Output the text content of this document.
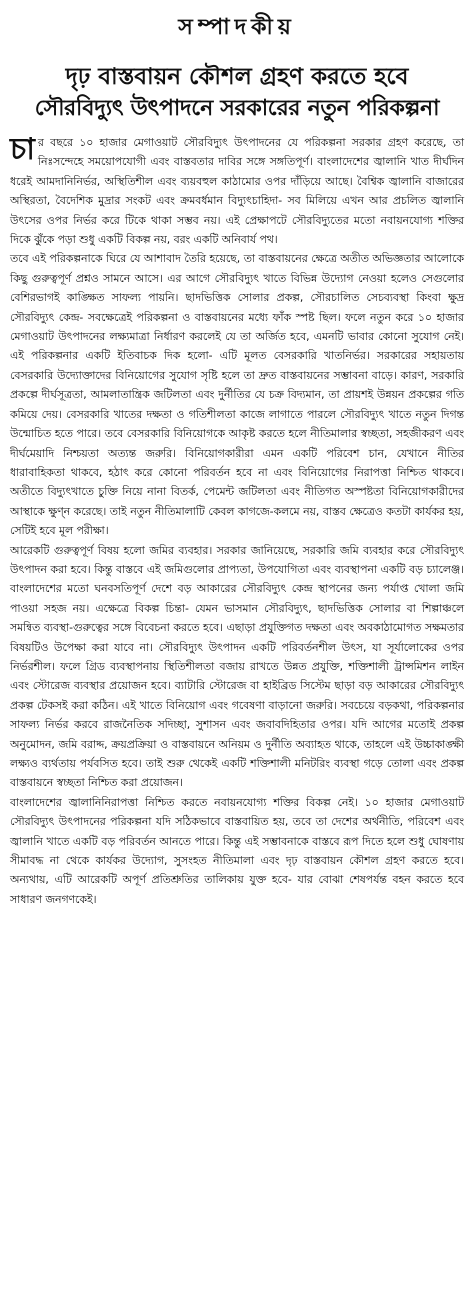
সম্পাদকীয়
দৃঢ় বাস্তবায়ন কৌশল গ্রহণ করতে হবে
সৌরবিদ্যুৎ উৎপাদনে সরকারের নতুন পরিকল্পনা

চার বছরে ১০ হাজার মেগাওয়াট সৌরবিদ্যুৎ উৎপাদনের যে পরিকল্পনা সরকার গ্রহণ করেছে, তা নিঃসন্দেহে সময়োপযোগী এবং বাস্তবতার দাবির সঙ্গে সঙ্গতিপূর্ণ। বাংলাদেশের জ্বালানি খাত দীর্ঘদিন ধরেই আমদানিনির্ভর, অস্থিতিশীল এবং ব্যয়বহুল কাঠামোর ওপর দাঁড়িয়ে আছে। বৈশ্বিক জ্বালানি বাজারের অস্থিরতা, বৈদেশিক মুদ্রার সংকট এবং ক্রমবর্ধমান বিদ্যুৎচাহিদা- সব মিলিয়ে এখন আর প্রচলিত জ্বালানি উৎসের ওপর নির্ভর করে টিকে থাকা সম্ভব নয়। এই প্রেক্ষাপটে সৌরবিদ্যুতের মতো নবায়নযোগ্য শক্তির দিকে ঝুঁকে পড়া শুধু একটি বিকল্প নয়, বরং একটি অনিবার্য পথ।

তবে এই পরিকল্পনাকে ঘিরে যে আশাবাদ তৈরি হয়েছে, তা বাস্তবায়নের ক্ষেত্রে অতীত অভিজ্ঞতার আলোকে কিছু গুরুত্বপূর্ণ প্রশ্নও সামনে আসে। এর আগে সৌরবিদ্যুৎ খাতে বিভিন্ন উদ্যোগ নেওয়া হলেও সেগুলোর বেশিরভাগই কাঙ্ক্ষিত সাফল্য পায়নি। ছাদভিত্তিক সোলার প্রকল্প, সৌরচালিত সেচব্যবস্থা কিংবা ক্ষুদ্র সৌরবিদ্যুৎ কেন্দ্র- সবক্ষেত্রেই পরিকল্পনা ও বাস্তবায়নের মধ্যে ফাঁক স্পষ্ট ছিল। ফলে নতুন করে ১০ হাজার মেগাওয়াট উৎপাদনের লক্ষ্যমাত্রা নির্ধারণ করলেই যে তা অর্জিত হবে, এমনটি ভাবার কোনো সুযোগ নেই। এই পরিকল্পনার একটি ইতিবাচক দিক হলো- এটি মূলত বেসরকারি খাতনির্ভর। সরকারের সহায়তায় বেসরকারি উদ্যোক্তাদের বিনিয়োগের সুযোগ সৃষ্টি হলে তা দ্রুত বাস্তবায়নের সম্ভাবনা বাড়ে। কারণ, সরকারি প্রকল্পে দীর্ঘসূত্রতা, আমলাতান্ত্রিক জটিলতা এবং দুর্নীতির যে চক্র বিদ্যমান, তা প্রায়শই উন্নয়ন প্রকল্পের গতি কমিয়ে দেয়। বেসরকারি খাতের দক্ষতা ও গতিশীলতা কাজে লাগাতে পারলে সৌরবিদ্যুৎ খাতে নতুন দিগন্ত উন্মোচিত হতে পারে। তবে বেসরকারি বিনিয়োগকে আকৃষ্ট করতে হলে নীতিমালার স্বচ্ছতা, সহজীকরণ এবং দীর্ঘমেয়াদি নিশ্চয়তা অত্যন্ত জরুরি। বিনিয়োগকারীরা এমন একটি পরিবেশ চান, যেখানে নীতির ধারাবাহিকতা থাকবে, হঠাৎ করে কোনো পরিবর্তন হবে না এবং বিনিয়োগের নিরাপত্তা নিশ্চিত থাকবে। অতীতে বিদ্যুৎখাতে চুক্তি নিয়ে নানা বিতর্ক, পেমেন্ট জটিলতা এবং নীতিগত অস্পষ্টতা বিনিয়োগকারীদের আস্থাকে ক্ষুণ্ন করেছে। তাই নতুন নীতিমালাটি কেবল কাগজে-কলমে নয়, বাস্তব ক্ষেত্রেও কতটা কার্যকর হয়, সেটিই হবে মূল পরীক্ষা।

আরেকটি গুরুত্বপূর্ণ বিষয় হলো জমির ব্যবহার। সরকার জানিয়েছে, সরকারি জমি ব্যবহার করে সৌরবিদ্যুৎ উৎপাদন করা হবে। কিন্তু বাস্তবে এই জমিগুলোর প্রাপ্যতা, উপযোগিতা এবং ব্যবস্থাপনা একটি বড় চ্যালেঞ্জ। বাংলাদেশের মতো ঘনবসতিপূর্ণ দেশে বড় আকারের সৌরবিদ্যুৎ কেন্দ্র স্থাপনের জন্য পর্যাপ্ত খোলা জমি পাওয়া সহজ নয়। এক্ষেত্রে বিকল্প চিন্তা- যেমন ভাসমান সৌরবিদ্যুৎ, ছাদভিত্তিক সোলার বা শিল্পাঞ্চলে সমন্বিত ব্যবস্থা-গুরুত্বের সঙ্গে বিবেচনা করতে হবে। এছাড়া প্রযুক্তিগত দক্ষতা এবং অবকাঠামোগত সক্ষমতার বিষয়টিও উপেক্ষা করা যাবে না। সৌরবিদ্যুৎ উৎপাদন একটি পরিবর্তনশীল উৎস, যা সূর্যালোকের ওপর নির্ভরশীল। ফলে গ্রিড ব্যবস্থাপনায় স্থিতিশীলতা বজায় রাখতে উন্নত প্রযুক্তি, শক্তিশালী ট্রান্সমিশন লাইন এবং স্টোরেজ ব্যবস্থার প্রয়োজন হবে। ব্যাটারি স্টোরেজ বা হাইব্রিড সিস্টেম ছাড়া বড় আকারের সৌরবিদ্যুৎ প্রকল্প টেকসই করা কঠিন। এই খাতে বিনিয়োগ এবং গবেষণা বাড়ানো জরুরি। সবচেয়ে বড়কথা, পরিকল্পনার সাফল্য নির্ভর করবে রাজনৈতিক সদিচ্ছা, সুশাসন এবং জবাবদিহিতার ওপর। যদি আগের মতোই প্রকল্প অনুমোদন, জমি বরাদ্দ, ক্রয়প্রক্রিয়া ও বাস্তবায়নে অনিয়ম ও দুর্নীতি অব্যাহত থাকে, তাহলে এই উচ্চাকাঙ্ক্ষী লক্ষ্যও ব্যর্থতায় পর্যবসিত হবে। তাই শুরু থেকেই একটি শক্তিশালী মনিটরিং ব্যবস্থা গড়ে তোলা এবং প্রকল্প বাস্তবায়নে স্বচ্ছতা নিশ্চিত করা প্রয়োজন।

বাংলাদেশের জ্বালানিনিরাপত্তা নিশ্চিত করতে নবায়নযোগ্য শক্তির বিকল্প নেই। ১০ হাজার মেগাওয়াট সৌরবিদ্যুৎ উৎপাদনের পরিকল্পনা যদি সঠিকভাবে বাস্তবায়িত হয়, তবে তা দেশের অর্থনীতি, পরিবেশ এবং জ্বালানি খাতে একটি বড় পরিবর্তন আনতে পারে। কিন্তু এই সম্ভাবনাকে বাস্তবে রূপ দিতে হলে শুধু ঘোষণায় সীমাবদ্ধ না থেকে কার্যকর উদ্যোগ, সুসংহত নীতিমালা এবং দৃঢ় বাস্তবায়ন কৌশল গ্রহণ করতে হবে। অন্যথায়, এটি আরেকটি অপূর্ণ প্রতিশ্রুতির তালিকায় যুক্ত হবে- যার বোঝা শেষপর্যন্ত বহন করতে হবে সাধারণ জনগণকেই।
